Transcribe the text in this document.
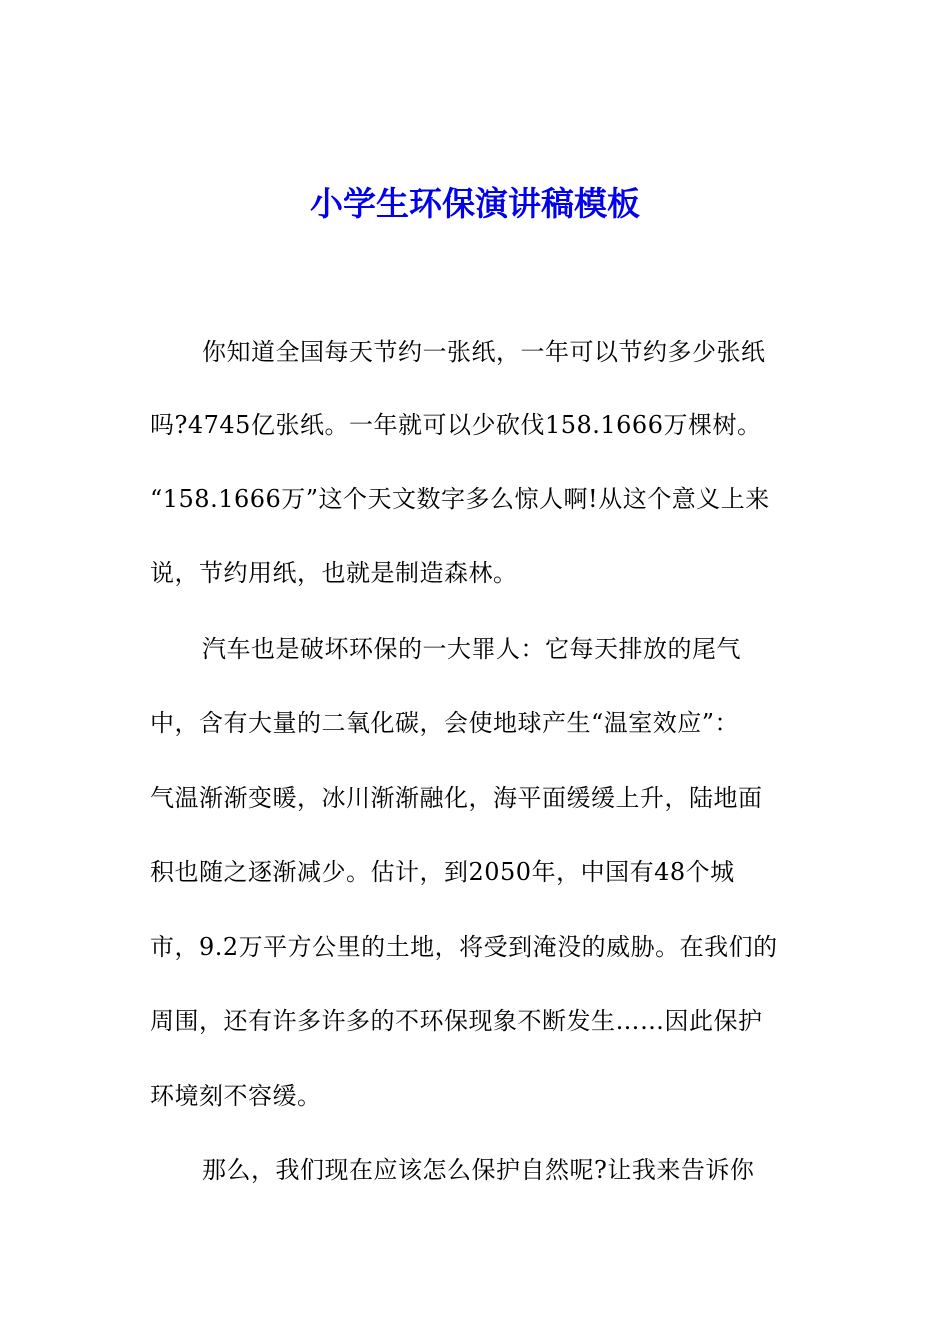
小学生环保演讲稿模板
你知道全国每天节约一张纸，一年可以节约多少张纸
吗?4745亿张纸。一年就可以少砍伐158.1666万棵树。
“158.1666万”这个天文数字多么惊人啊!从这个意义上来
说，节约用纸，也就是制造森林。
汽车也是破坏环保的一大罪人：它每天排放的尾气
中，含有大量的二氧化碳，会使地球产生“温室效应”：
气温渐渐变暖，冰川渐渐融化，海平面缓缓上升，陆地面
积也随之逐渐减少。估计，到2050年，中国有48个城
市，9.2万平方公里的土地，将受到淹没的威胁。在我们的
周围，还有许多许多的不环保现象不断发生……因此保护
环境刻不容缓。
那么，我们现在应该怎么保护自然呢?让我来告诉你
